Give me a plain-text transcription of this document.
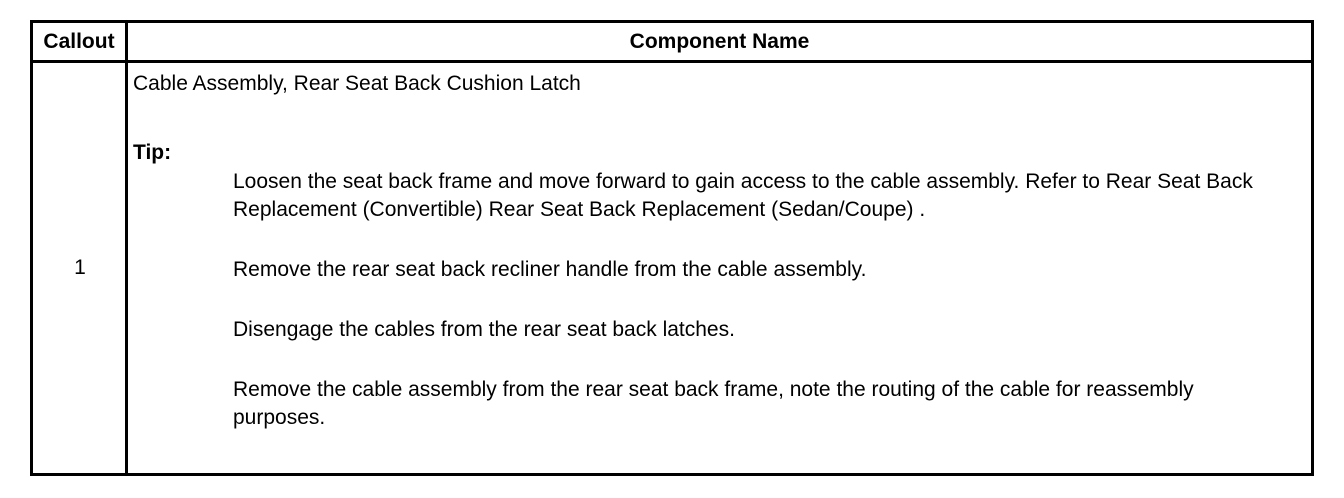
Callout	Component Name
1
Cable Assembly, Rear Seat Back Cushion Latch
Tip:

Loosen the seat back frame and move forward to gain access to the cable assembly. Refer to Rear Seat Back Replacement (Convertible) Rear Seat Back Replacement (Sedan/Coupe) .

Remove the rear seat back recliner handle from the cable assembly.

Disengage the cables from the rear seat back latches.

Remove the cable assembly from the rear seat back frame, note the routing of the cable for reassembly purposes.
